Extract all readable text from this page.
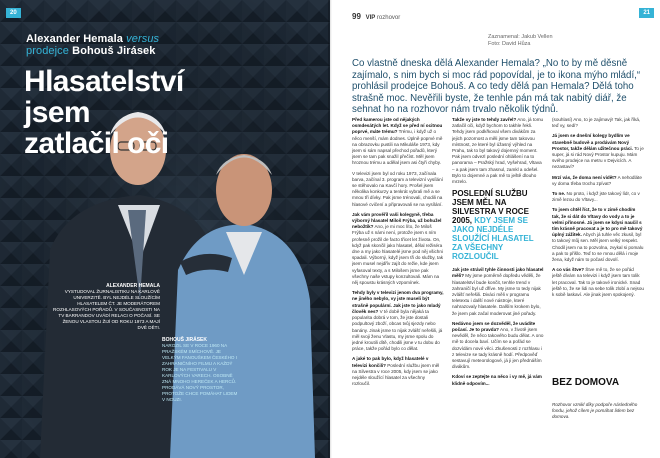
20
Alexander Hemala versus
prodejce Bohouš Jirásek
Hlasatelství jsem zatlačil oči
ALEXANDER HEMALA
VYSTUDOVAL ŽURNALISTIKU NA KARLOVĚ UNIVERZITĚ. BYL NEJDÉLE SLOUŽÍCÍM HLASATELEM ČT. JE MODERÁTOREM ROZHLASOVÝCH POŘADŮ. V SOUČASNOSTI NA TV BARRANDOV UVÁDÍ RELACI O POČASÍ. SE ŽENOU VLASTOU ŽIJÍ OD ROKU 1973 A MAJÍ DVĚ DĚTI.
BOHOUŠ JIRÁSEK
NAROZIL SE V ROCE 1960 NA PRAŽSKÉM SMÍCHOVĚ. JE VELKÝM FANOUŠKEM ČESKÉHO I ZAHRANIČNÍHO FILMU A KAŽDÝ ROK JE NA FESTIVALU V KARLOVÝCH VARECH. OSOBNĚ ZNÁ MNOHO HEREČEK A HERCŮ. PRODÁVÁ NOVÝ PROSTOR, PROTOŽE CHCE POMÁHAT LIDEM V NOUZI.
99 VIP rozhovor
21
Zaznamenal: Jakub Vellen
Foto: David Hůza
Co vlastně dneska dělá Alexander Hemala? „No to by mě děsně zajímalo, s nim bych si moc rád popovídal, je to ikona mýho mládí,“ prohlásil prodejce Bohouš. A co tedy dělá pan Hemala? Dělá toho strašně moc. Nevěřili byste, že tenhle pán má tak nabitý diář, že sehnat ho na rozhovor nám trvalo několik týdnů.

Před kamerou jste od nějakých osmdesátých let. Když se před ní ocitnou poprvé, máte trému? Trému, i když už o něco menší, mám dodnes. Úplně poprvé mě na obrazovku pustili na Mikuláše 1973, kdy jsem si sám napsal přechod pořadů, který jsem se tam pak snažil přečíst. Měl jsem hroznou trému a udělal jsem asi čtyři chyby.

V televizi jsem byl od roku 1973, začínala barva, začínal 3. program a televizní vysílání se stěhovalo na Kavčí hory. Prošel jsem několika konkurzy a tenkrát vybrali mě a se mnou tři dívky. Pak jsme trénovali, chodili na hlasové cvičení a připravovali se na vysílání.

Jak vám prověřil vaši kolegyně, třeba výborný hlasatel Miloš Frýba, už bohužel nebožtík? Ano, je mi moc líto, že Miloš Frýba už s námi není, protože jsem s ním profesně prožil de facto třicet let života. On, když pak skončil jako hlasatel, dělal režiséra dne a my jako hlasatelé jsme pod něj všichni spadali. Výborný, když jsem tři do služby, tak jsem musel nejdřív zajít do režie, kde jsem vyfasoval texty, a s Milošem jsme pak všechny naše vstupy konzultovali. Mám na něj spoustu krásných vzpomínek.

Tehdy byly v televizi jenom dva programy, ne jiného nebylo, vy jste museli být strašně populární. Jak jste to jako mladý člověk nes? V té době byla nějaká ta popularita dobrá v tom, že jste dostali podpultový zboží, obcas tvůj sjezdy nebo banány. Jinak jsme to nijak zvlášť neřešili, já měl svoji ženu Vlastu, my jsme spolu do jedné kroutili dítě, chodili jsme v tu dobu do práce, takže pořád bylo co dělat.

A jaké to pak bylo, když hlasatelé v televizi končili? Poslední službu jsem měl na Silvestra v roce 2005, kdy jsem se jako nejdéle sloužící hlasatel za všechny rozloučil.

Takže vy jste to tehdy zavřel? Ano, já tomu zatlačil oči, když bychom to takhle řekli. Tehdy jsem podkřkoval všem divákům za jejich pozornost a měli jsme tam takovou místnost, ze které byl úžasný výhled na Prahu, tak to byl takový dojemný moment. Pak jsem odvezl poslední ohlášení na to panorama – Pražský hrad, Vyšehrad, Vltava – a pak jsem tam zhasnul, zamkl a odešel. Bylo to dojemné a pak mě to ještě dlouho mrzelo.

POSLEDNÍ SLUŽBU JSEM MĚL NA SILVESTRA V ROCE 2005, KDY JSEM SE JAKO NEJDÉLE SLOUŽÍCÍ HLASATEL ZA VŠECHNY ROZLOUČIL

Jak jste strávil tyhle činnosti jako hlasatel měli? My jsme poměrně dopředu věděli, že hlasatelství bude končit, tenhle trend v zahraničí byl už dříve. My jsme to tedy nijak zvlášť neřešili. Diváci měli v programu teletextu i další nové nástroje, které nahrazovaly hlasatele. Dalším krokem bylo, že jsem pak začal moderovat jiné pořady.

Nedávno jsem se dozvěděl, že uvádíte počasí. Je to pravda? Ano, v životě jsem nevěděl, že něco takového budu dělat. A ono mě to docela baví. Učím se a pořád se dozvídám nové věci. Zkušenosti z rozhlasu i z televize se tady krásně hodí. Předpověď sestavují meteorologové, já ji jen přednáším divákům.

Kdoví se zeptejte na něco i vy mě, já vám klidně odpovím...

(souhlasí) Ano, to je zajímavý! Tak, jak říká, teď vy, sedí?

Já jsem se dnešní kolegy bydlím ve stavebně budově a prodávám Nový Prostor, takže dělám užitečnou práci. To je super, já si rád Nový Prostor kupuju. Mám svého prodejce na metru v Dejvicích. A nezastaví?

Mrzí vás, že doma není vidět? A nehodláte vy doma třeba trochu zpívat?

To ne. No proto, i když jste takový lídr, co v zimě lezou do Vltavy...

To jsem chtěl říct, že to v zimě chodím tak, že si dát do Vltavy do vody a to je velmi přínosné. Já jsem se kdysi naučil s tím krásně pracovat a je to pro mě takový úplný zážitek. Abych já tuhle věc zkusil, byl to takový můj sen. Měl jsem velký respekt. Chodil jsem na to pozvolna, zvykal si pomalu a pak to přišlo. Teď to se mnou dělá i moje žena, když nám to počasí dovolí.

A co vás štve? Štve mě to, že se pořád ještě dívám na televizi i když jsem tam tolik let pracoval. Tak to je takové ironické. Snad ještě to, že se lidi na sebe tolik zlobí a nejsou k sobě laskaví. Ale jinak jsem spokojený.

BEZ DOMOVA
Rozhovor vznikl díky podpoře následného fondu, jehož cílem je pomáhat lidem bez domova.
